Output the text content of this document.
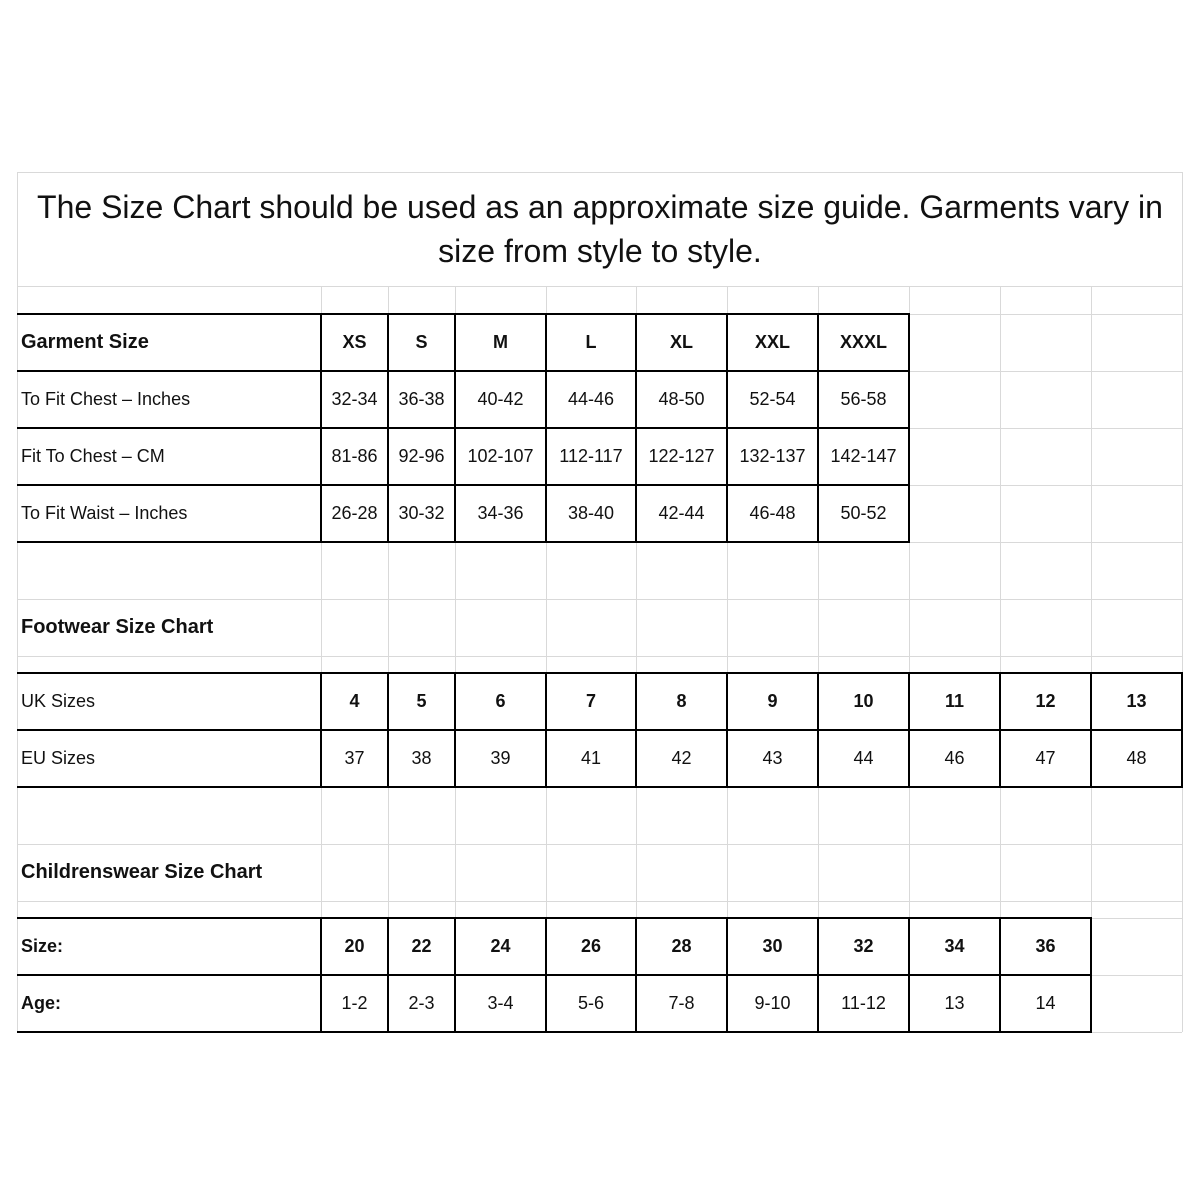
The Size Chart should be used as an approximate size guide. Garments vary in size from style to style.
Garment Size	XS	S	M	L	XL	XXL	XXXL
To Fit Chest – Inches	32-34	36-38	40-42	44-46	48-50	52-54	56-58
Fit To Chest – CM	81-86	92-96	102-107	112-117	122-127	132-137	142-147
To Fit Waist – Inches	26-28	30-32	34-36	38-40	42-44	46-48	50-52
Footwear Size Chart
UK Sizes	4	5	6	7	8	9	10	11	12	13
EU Sizes	37	38	39	41	42	43	44	46	47	48
Childrenswear Size Chart
Size:	20	22	24	26	28	30	32	34	36
Age:	1-2	2-3	3-4	5-6	7-8	9-10	11-12	13	14
